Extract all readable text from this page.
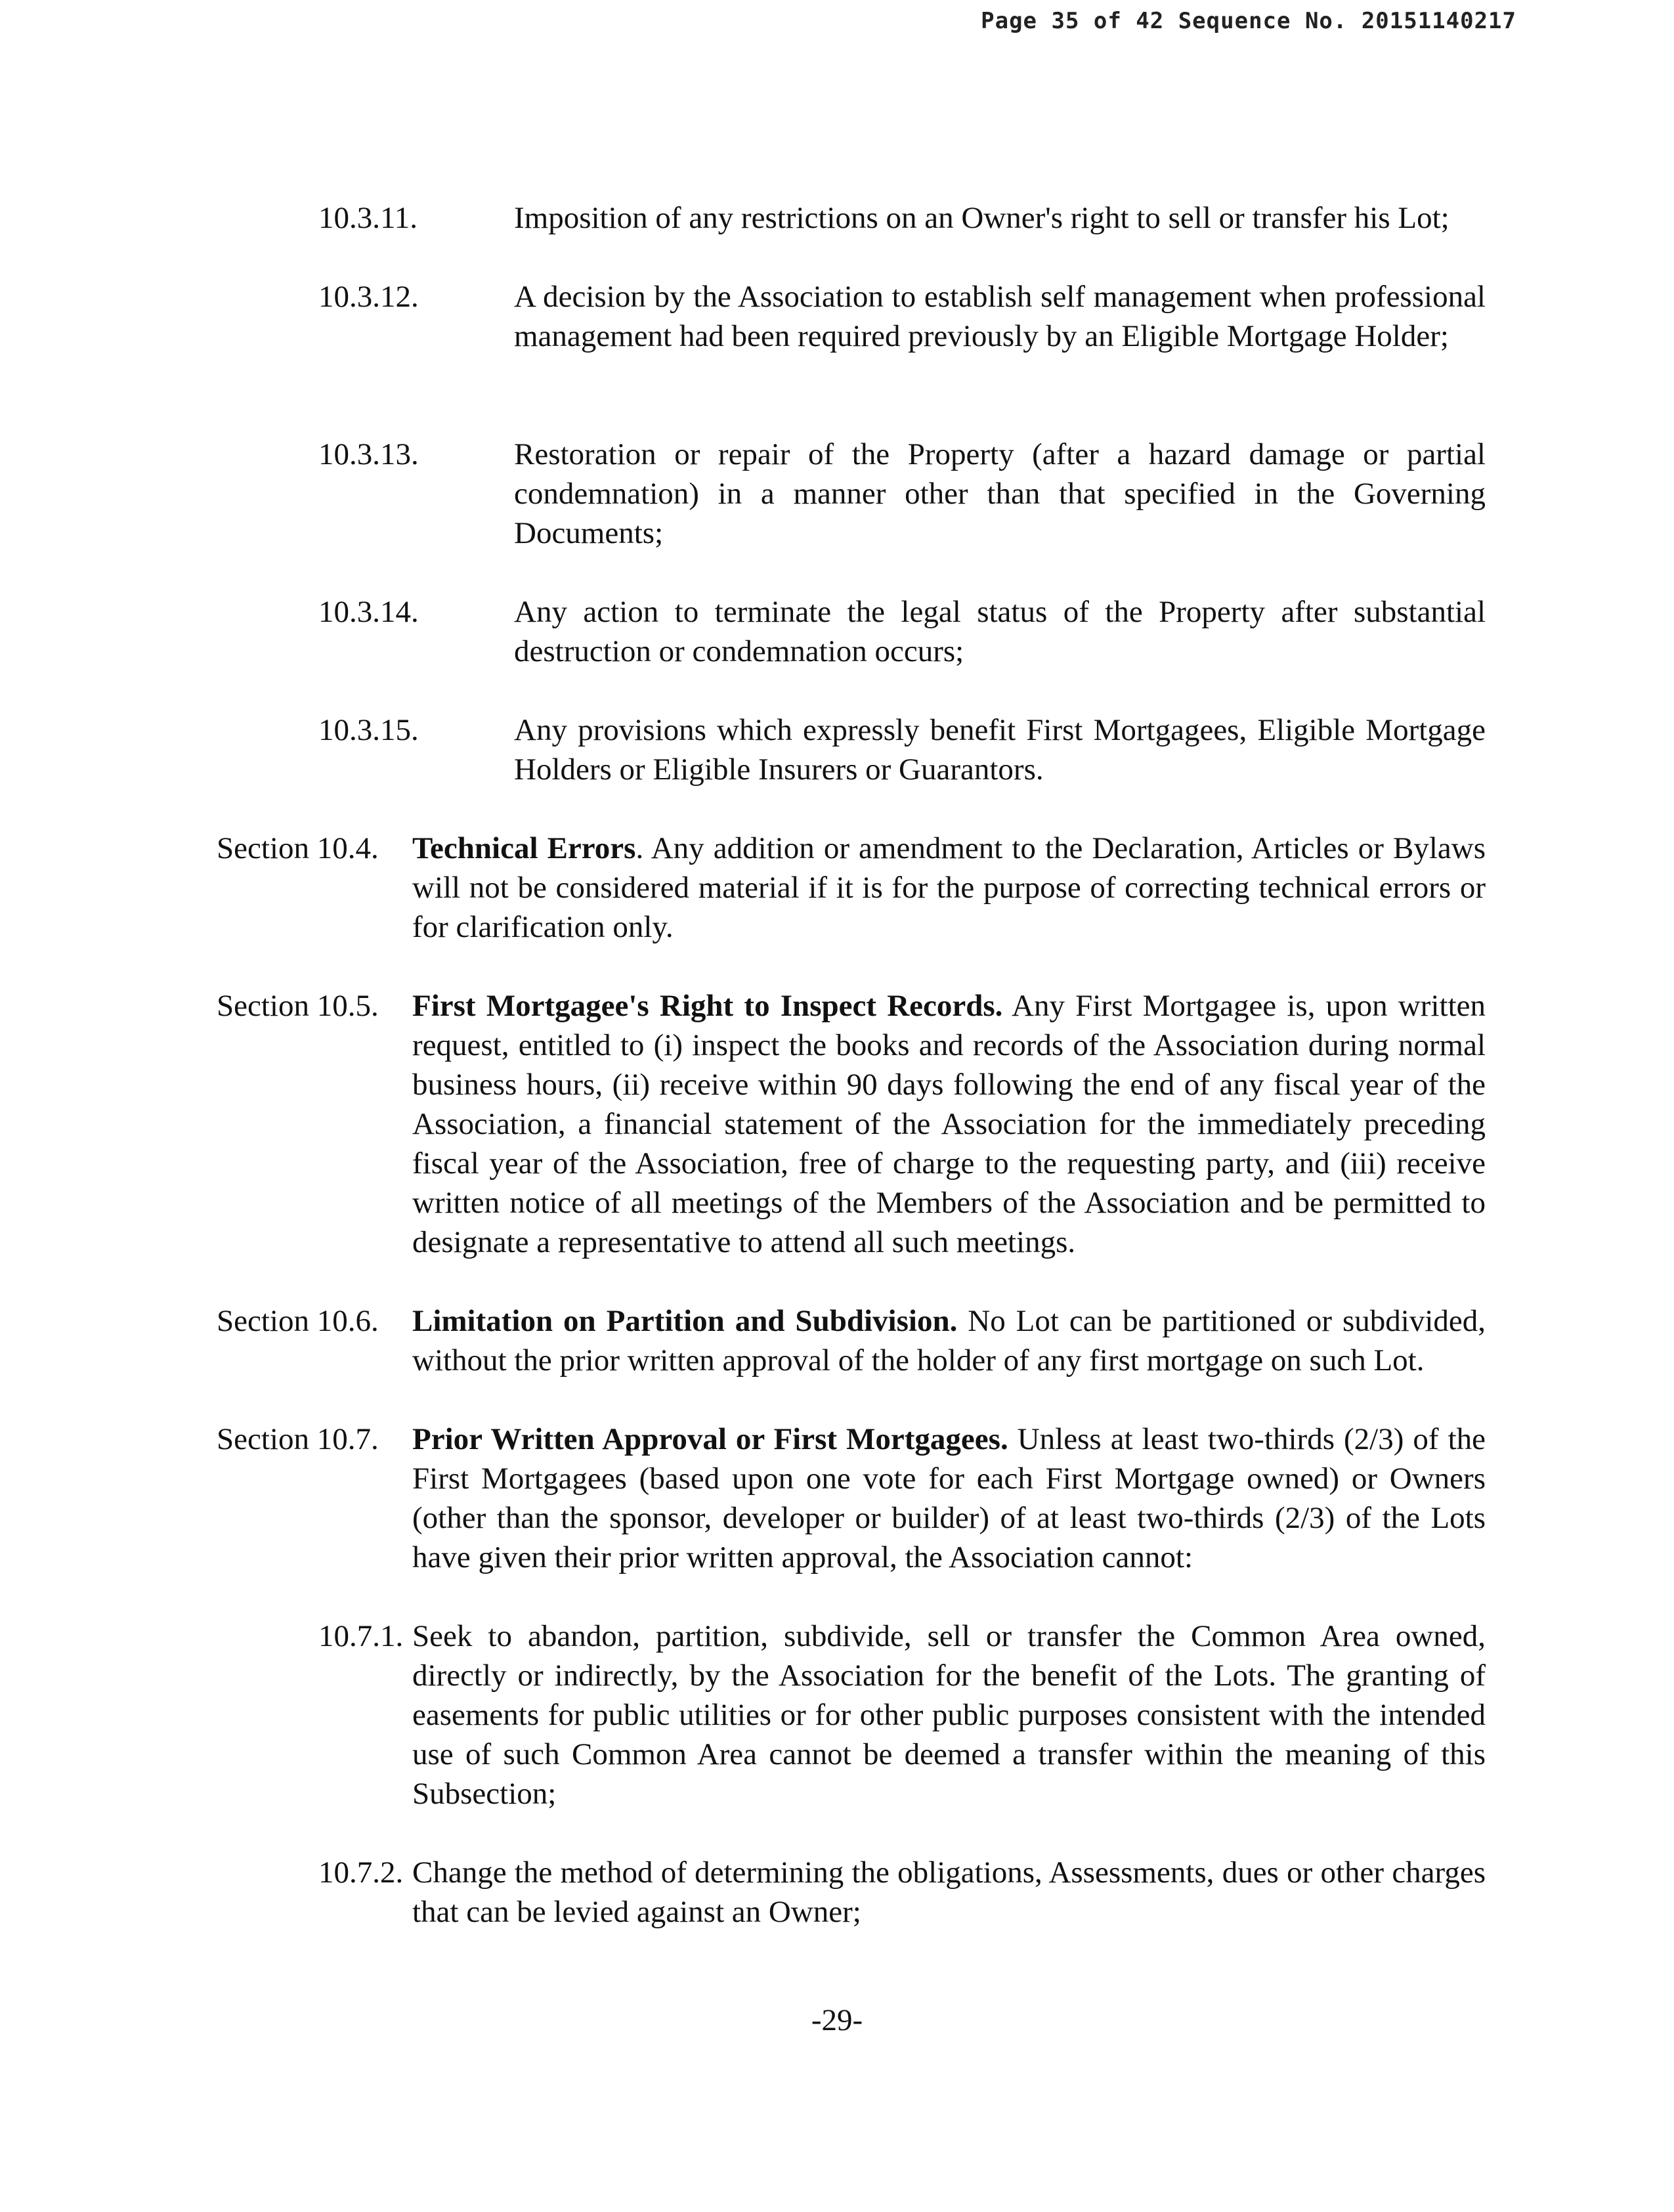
Page 35 of 42 Sequence No. 20151140217
10.3.11.	Imposition of any restrictions on an Owner's right to sell or transfer his Lot;
10.3.12.	A decision by the Association to establish self management when professional management had been required previously by an Eligible Mortgage Holder;
10.3.13.	Restoration or repair of the Property (after a hazard damage or partial condemnation) in a manner other than that specified in the Governing Documents;
10.3.14.	Any action to terminate the legal status of the Property after substantial destruction or condemnation occurs;
10.3.15.	Any provisions which expressly benefit First Mortgagees, Eligible Mortgage Holders or Eligible Insurers or Guarantors.
Section 10.4. Technical Errors. Any addition or amendment to the Declaration, Articles or Bylaws will not be considered material if it is for the purpose of correcting technical errors or for clarification only.
Section 10.5. First Mortgagee's Right to Inspect Records. Any First Mortgagee is, upon written request, entitled to (i) inspect the books and records of the Association during normal business hours, (ii) receive within 90 days following the end of any fiscal year of the Association, a financial statement of the Association for the immediately preceding fiscal year of the Association, free of charge to the requesting party, and (iii) receive written notice of all meetings of the Members of the Association and be permitted to designate a representative to attend all such meetings.
Section 10.6. Limitation on Partition and Subdivision. No Lot can be partitioned or subdivided, without the prior written approval of the holder of any first mortgage on such Lot.
Section 10.7. Prior Written Approval or First Mortgagees. Unless at least two-thirds (2/3) of the First Mortgagees (based upon one vote for each First Mortgage owned) or Owners (other than the sponsor, developer or builder) of at least two-thirds (2/3) of the Lots have given their prior written approval, the Association cannot:
10.7.1. Seek to abandon, partition, subdivide, sell or transfer the Common Area owned, directly or indirectly, by the Association for the benefit of the Lots. The granting of easements for public utilities or for other public purposes consistent with the intended use of such Common Area cannot be deemed a transfer within the meaning of this Subsection;
10.7.2. Change the method of determining the obligations, Assessments, dues or other charges that can be levied against an Owner;
-29-
